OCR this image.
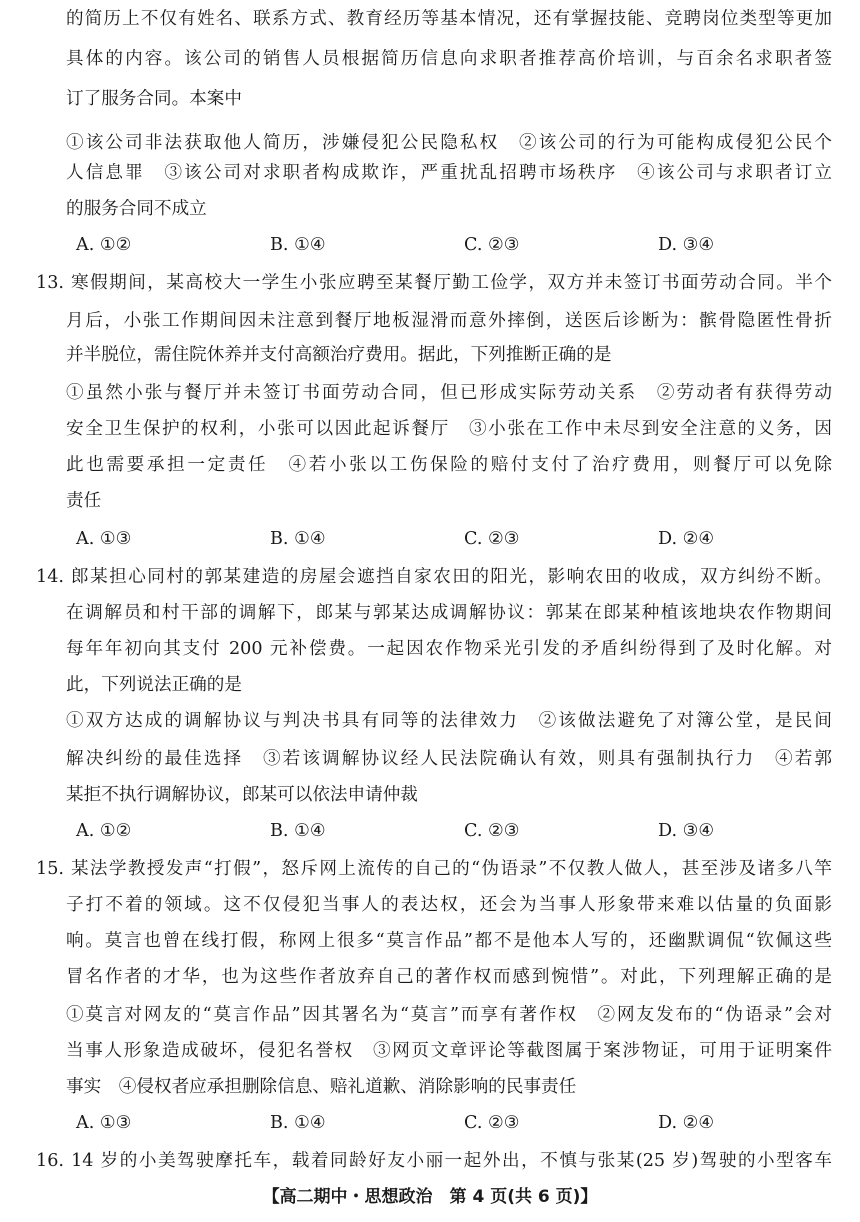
的简历上不仅有姓名、联系方式、教育经历等基本情况，还有掌握技能、竞聘岗位类型等更加
具体的内容。该公司的销售人员根据简历信息向求职者推荐高价培训，与百余名求职者签
订了服务合同。本案中
①该公司非法获取他人简历，涉嫌侵犯公民隐私权　②该公司的行为可能构成侵犯公民个
人信息罪　③该公司对求职者构成欺诈，严重扰乱招聘市场秩序　④该公司与求职者订立
的服务合同不成立
A. ①②	B. ①④	C. ②③	D. ③④
13. 寒假期间，某高校大一学生小张应聘至某餐厅勤工俭学，双方并未签订书面劳动合同。半个
月后，小张工作期间因未注意到餐厅地板湿滑而意外摔倒，送医后诊断为：髌骨隐匿性骨折
并半脱位，需住院休养并支付高额治疗费用。据此，下列推断正确的是
①虽然小张与餐厅并未签订书面劳动合同，但已形成实际劳动关系　②劳动者有获得劳动
安全卫生保护的权利，小张可以因此起诉餐厅　③小张在工作中未尽到安全注意的义务，因
此也需要承担一定责任　④若小张以工伤保险的赔付支付了治疗费用，则餐厅可以免除
责任
A. ①③	B. ①④	C. ②③	D. ②④
14. 郎某担心同村的郭某建造的房屋会遮挡自家农田的阳光，影响农田的收成，双方纠纷不断。
在调解员和村干部的调解下，郎某与郭某达成调解协议：郭某在郎某种植该地块农作物期间
每年年初向其支付 200 元补偿费。一起因农作物采光引发的矛盾纠纷得到了及时化解。对
此，下列说法正确的是
①双方达成的调解协议与判决书具有同等的法律效力　②该做法避免了对簿公堂，是民间
解决纠纷的最佳选择　③若该调解协议经人民法院确认有效，则具有强制执行力　④若郭
某拒不执行调解协议，郎某可以依法申请仲裁
A. ①②	B. ①④	C. ②③	D. ③④
15. 某法学教授发声“打假”，怒斥网上流传的自己的“伪语录”不仅教人做人，甚至涉及诸多八竿
子打不着的领域。这不仅侵犯当事人的表达权，还会为当事人形象带来难以估量的负面影
响。莫言也曾在线打假，称网上很多“莫言作品”都不是他本人写的，还幽默调侃“钦佩这些
冒名作者的才华，也为这些作者放弃自己的著作权而感到惋惜”。对此，下列理解正确的是
①莫言对网友的“莫言作品”因其署名为“莫言”而享有著作权　②网友发布的“伪语录”会对
当事人形象造成破坏，侵犯名誉权　③网页文章评论等截图属于案涉物证，可用于证明案件
事实　④侵权者应承担删除信息、赔礼道歉、消除影响的民事责任
A. ①③	B. ①④	C. ②③	D. ②④
16. 14 岁的小美驾驶摩托车，载着同龄好友小丽一起外出，不慎与张某(25 岁)驾驶的小型客车
【高二期中・思想政治　第 4 页(共 6 页)】
